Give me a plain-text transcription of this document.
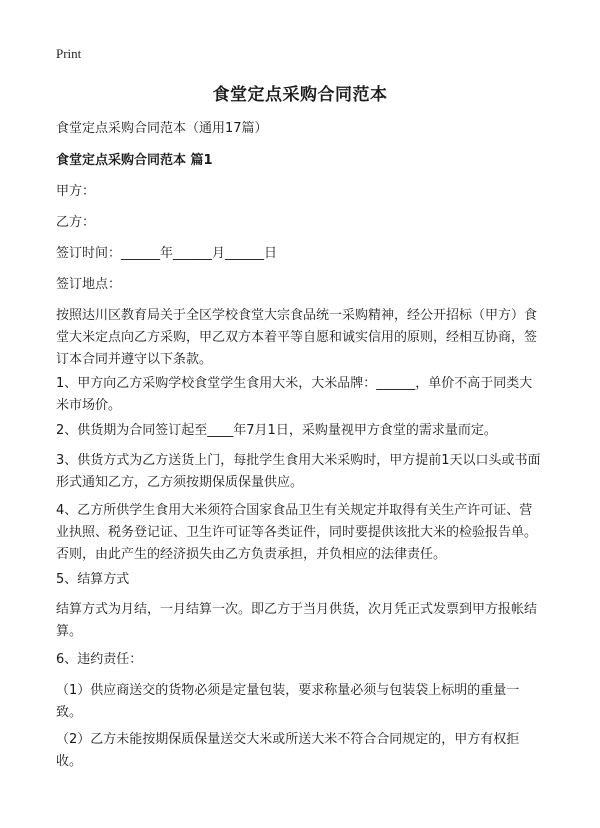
Print
食堂定点采购合同范本
食堂定点采购合同范本（通用17篇）
食堂定点采购合同范本 篇1
甲方：
乙方：
签订时间：______年______月______日
签订地点：
按照达川区教育局关于全区学校食堂大宗食品统一采购精神，经公开招标（甲方）食堂大米定点向乙方采购，甲乙双方本着平等自愿和诚实信用的原则，经相互协商，签订本合同并遵守以下条款。
1、甲方向乙方采购学校食堂学生食用大米，大米品牌：______，单价不高于同类大米市场价。
2、供货期为合同签订起至____年7月1日，采购量视甲方食堂的需求量而定。
3、供货方式为乙方送货上门，每批学生食用大米采购时，甲方提前1天以口头或书面形式通知乙方，乙方须按期保质保量供应。
4、乙方所供学生食用大米须符合国家食品卫生有关规定并取得有关生产许可证、营业执照、税务登记证、卫生许可证等各类证件，同时要提供该批大米的检验报告单。否则，由此产生的经济损失由乙方负责承担，并负相应的法律责任。
5、结算方式
结算方式为月结，一月结算一次。即乙方于当月供货，次月凭正式发票到甲方报帐结算。
6、违约责任：
（1）供应商送交的货物必须是定量包装，要求称量必须与包装袋上标明的重量一致。
（2）乙方未能按期保质保量送交大米或所送大米不符合合同规定的，甲方有权拒收。
